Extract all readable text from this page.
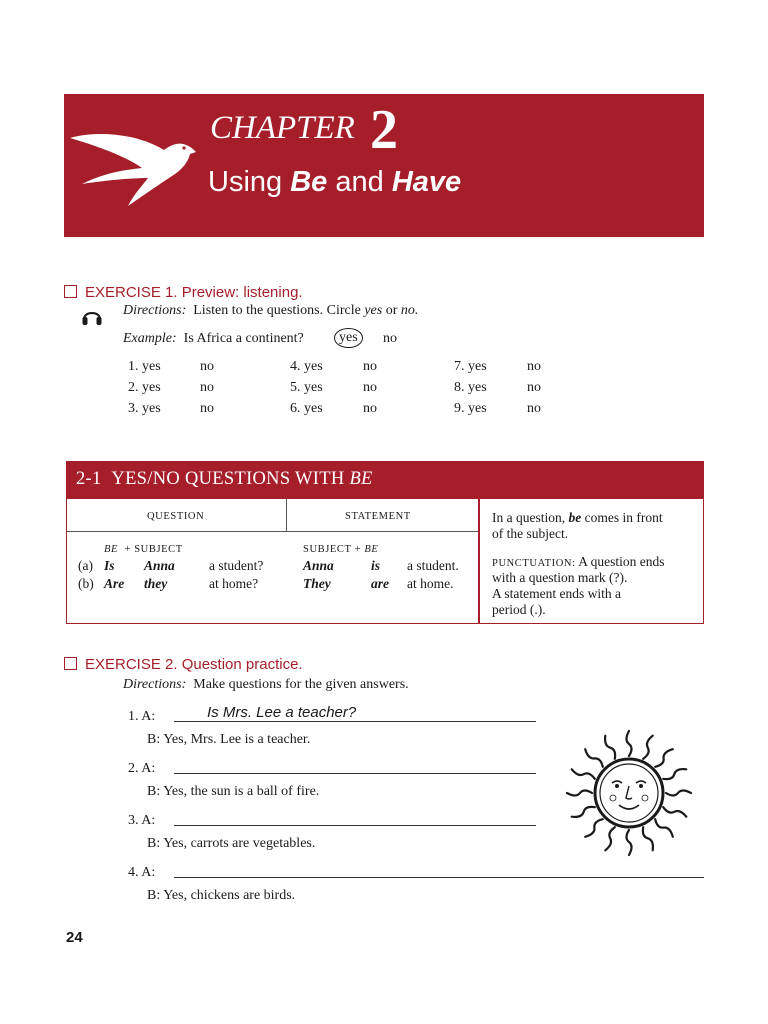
CHAPTER 2
Using Be and Have
EXERCISE 1. Preview: listening.
Directions: Listen to the questions. Circle yes or no.
Example: Is Africa a continent?	yes	no
1. yes	no
2. yes	no
3. yes	no
4. yes	no
5. yes	no
6. yes	no
7. yes	no
8. yes	no
9. yes	no
2-1 YES/NO QUESTIONS WITH BE
QUESTION	STATEMENT
BE + SUBJECT	SUBJECT + BE
(a) Is Anna	a student?	Anna	is a student.
(b) Are they	at home?	They	are at home.
In a question, be comes in front
of the subject.
PUNCTUATION: A question ends
with a question mark (?).
A statement ends with a
period (.).
EXERCISE 2. Question practice.
Directions: Make questions for the given answers.
1. A:	Is Mrs. Lee a teacher?
B: Yes, Mrs. Lee is a teacher.
2. A:
B: Yes, the sun is a ball of fire.
3. A:
B: Yes, carrots are vegetables.
4. A:
B: Yes, chickens are birds.
24
